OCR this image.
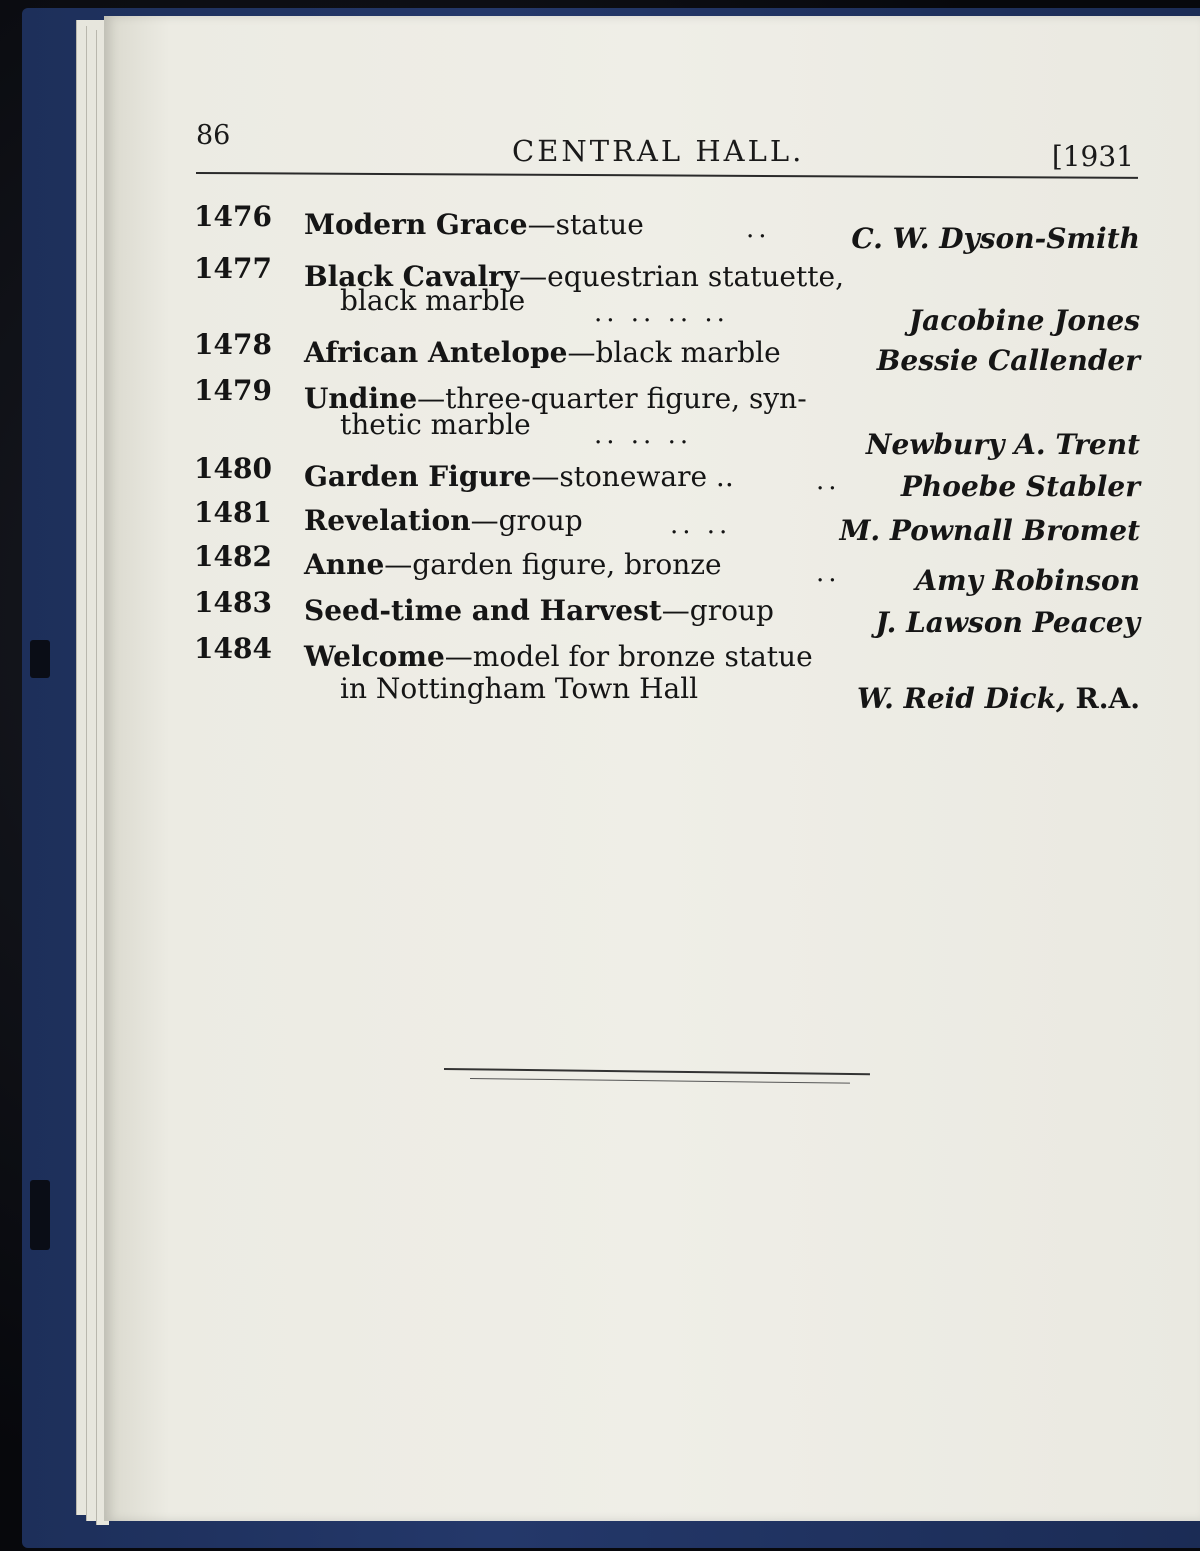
86	CENTRAL HALL.	[1931
1476 Modern Grace—statue	..	C. W. Dyson-Smith
1477 Black Cavalry—equestrian statuette,
black marble	.. .. .. ..	Jacobine Jones
1478 African Antelope—black marble	Bessie Callender
1479 Undine—three-quarter figure, syn-
thetic marble .. .. ..	Newbury A. Trent
1480 Garden Figure—stoneware ..	.. Phoebe Stabler
1481 Revelation—group	.. ..	M. Pownall Bromet
1482 Anne—garden figure, bronze	..	Amy Robinson
1483 Seed-time and Harvest—group	J. Lawson Peacey
1484 Welcome—model for bronze statue
in Nottingham Town Hall	W. Reid Dick, R.A.
